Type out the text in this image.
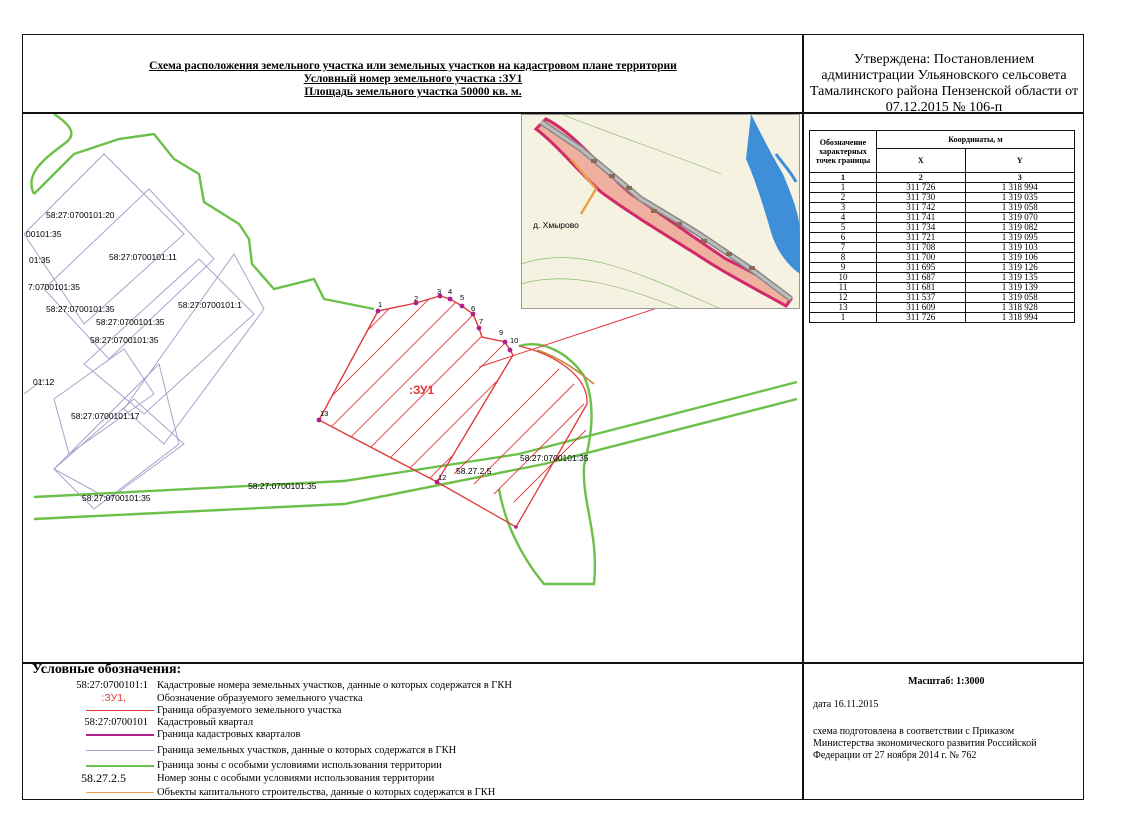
Схема расположения земельного участка или земельных участков на кадастровом плане территории
Условный номер земельного участка :ЗУ1
Площадь земельного участка 50000 кв. м.
Утверждена: Постановлением
администрации Ульяновского сельсовета
Тамалинского района Пензенской области от
07.12.2015 № 106-п
Обозначение характерных точек границы	Координаты, м	
	X	Y
1	2	3
1	311 726	1 318 994
2	311 730	1 319 035
3	311 742	1 319 058
4	311 741	1 319 070
5	311 734	1 319 082
6	311 721	1 319 095
7	311 708	1 319 103
8	311 700	1 319 106
9	311 695	1 319 126
10	311 687	1 319 135
11	311 681	1 319 139
12	311 537	1 319 058
13	311 609	1 318 928
1	311 726	1 318 994
1
2
3 4
5
6
7
9
10
13
12
:ЗУ1
58.27.2.5
58:27:0700101:20
00101:35
01:35	58:27:0700101:11
7:0700101:35
58:27:0700101:1
58:27:0700101:35
58:27:0700101:35
58:27:0700101:35
01:12
58:27:0700101:17
58:27:0700101:35
58:27:0700101:35
58:27:0700101:35
д. Хмырово
Условные обозначения:
58:27:0700101:1 Кадастровые номера земельных участков, данные о которых содержатся в ГКН
:ЗУ1,	Обозначение образуемого земельного участка
Граница образуемого земельного участка
58:27:0700101 Кадастровый квартал
Граница кадастровых кварталов
Граница земельных участков, данные о которых содержатся в ГКН
Граница зоны с особыми условиями использования территории
58.27.2.5	Номер зоны с особыми условиями использования территории
Объекты капитального строительства, данные о которых содержатся в ГКН
Масштаб: 1:3000
дата 16.11.2015
схема подготовлена в соответствии с Приказом Министерства экономического развития Российской Федерации от 27 ноября 2014 г. № 762
